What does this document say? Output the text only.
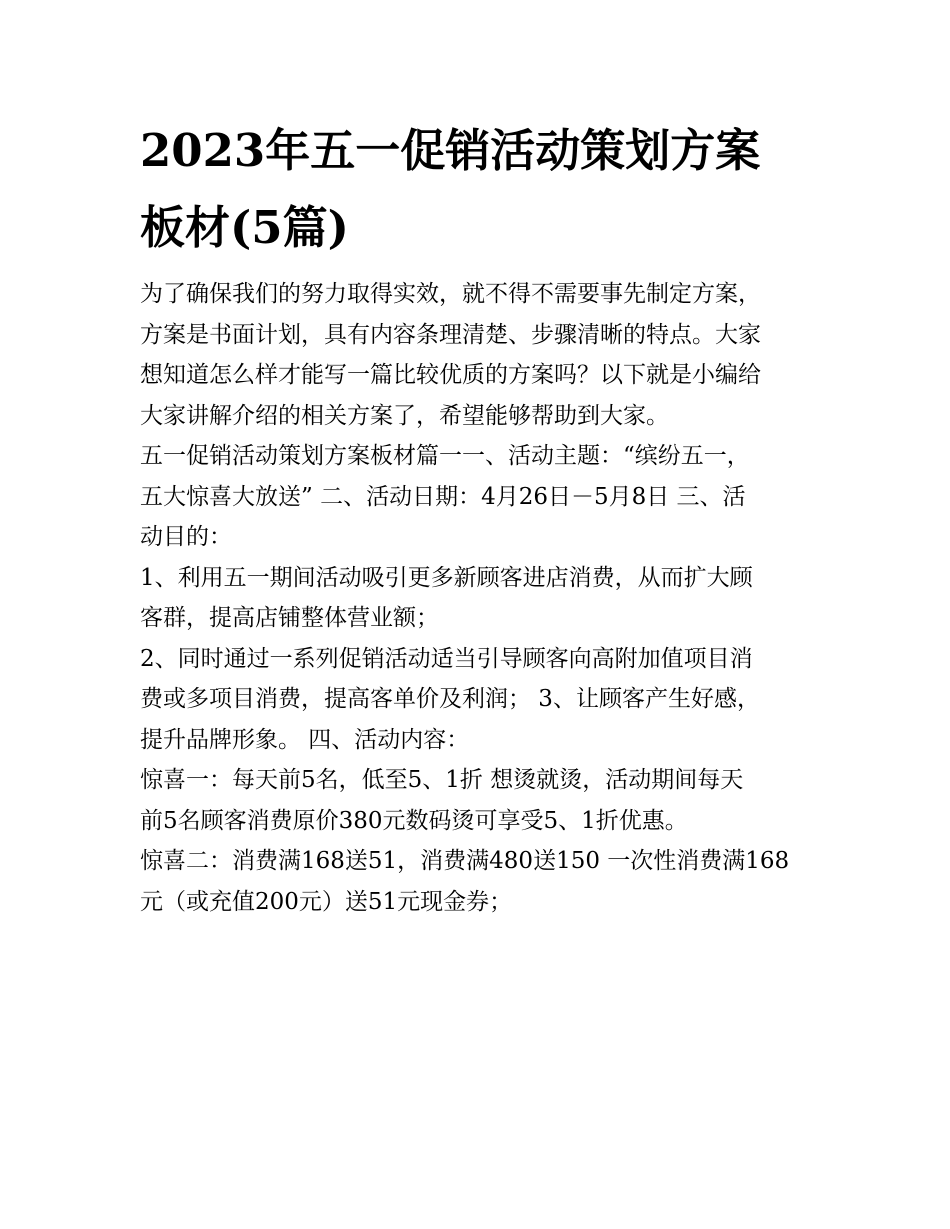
2023年五一促销活动策划方案
板材(5篇)

为了确保我们的努力取得实效，就不得不需要事先制定方案，
方案是书面计划，具有内容条理清楚、步骤清晰的特点。大家
想知道怎么样才能写一篇比较优质的方案吗？以下就是小编给
大家讲解介绍的相关方案了，希望能够帮助到大家。

五一促销活动策划方案板材篇一一、活动主题：“缤纷五一，
五大惊喜大放送” 二、活动日期：4月26日－5月8日 三、活
动目的：

1、利用五一期间活动吸引更多新顾客进店消费，从而扩大顾
客群，提高店铺整体营业额；

2、同时通过一系列促销活动适当引导顾客向高附加值项目消
费或多项目消费，提高客单价及利润； 3、让顾客产生好感，
提升品牌形象。 四、活动内容：

惊喜一：每天前5名，低至5、1折 想烫就烫，活动期间每天
前5名顾客消费原价380元数码烫可享受5、1折优惠。

惊喜二：消费满168送51，消费满480送150 一次性消费满168
元（或充值200元）送51元现金券；
